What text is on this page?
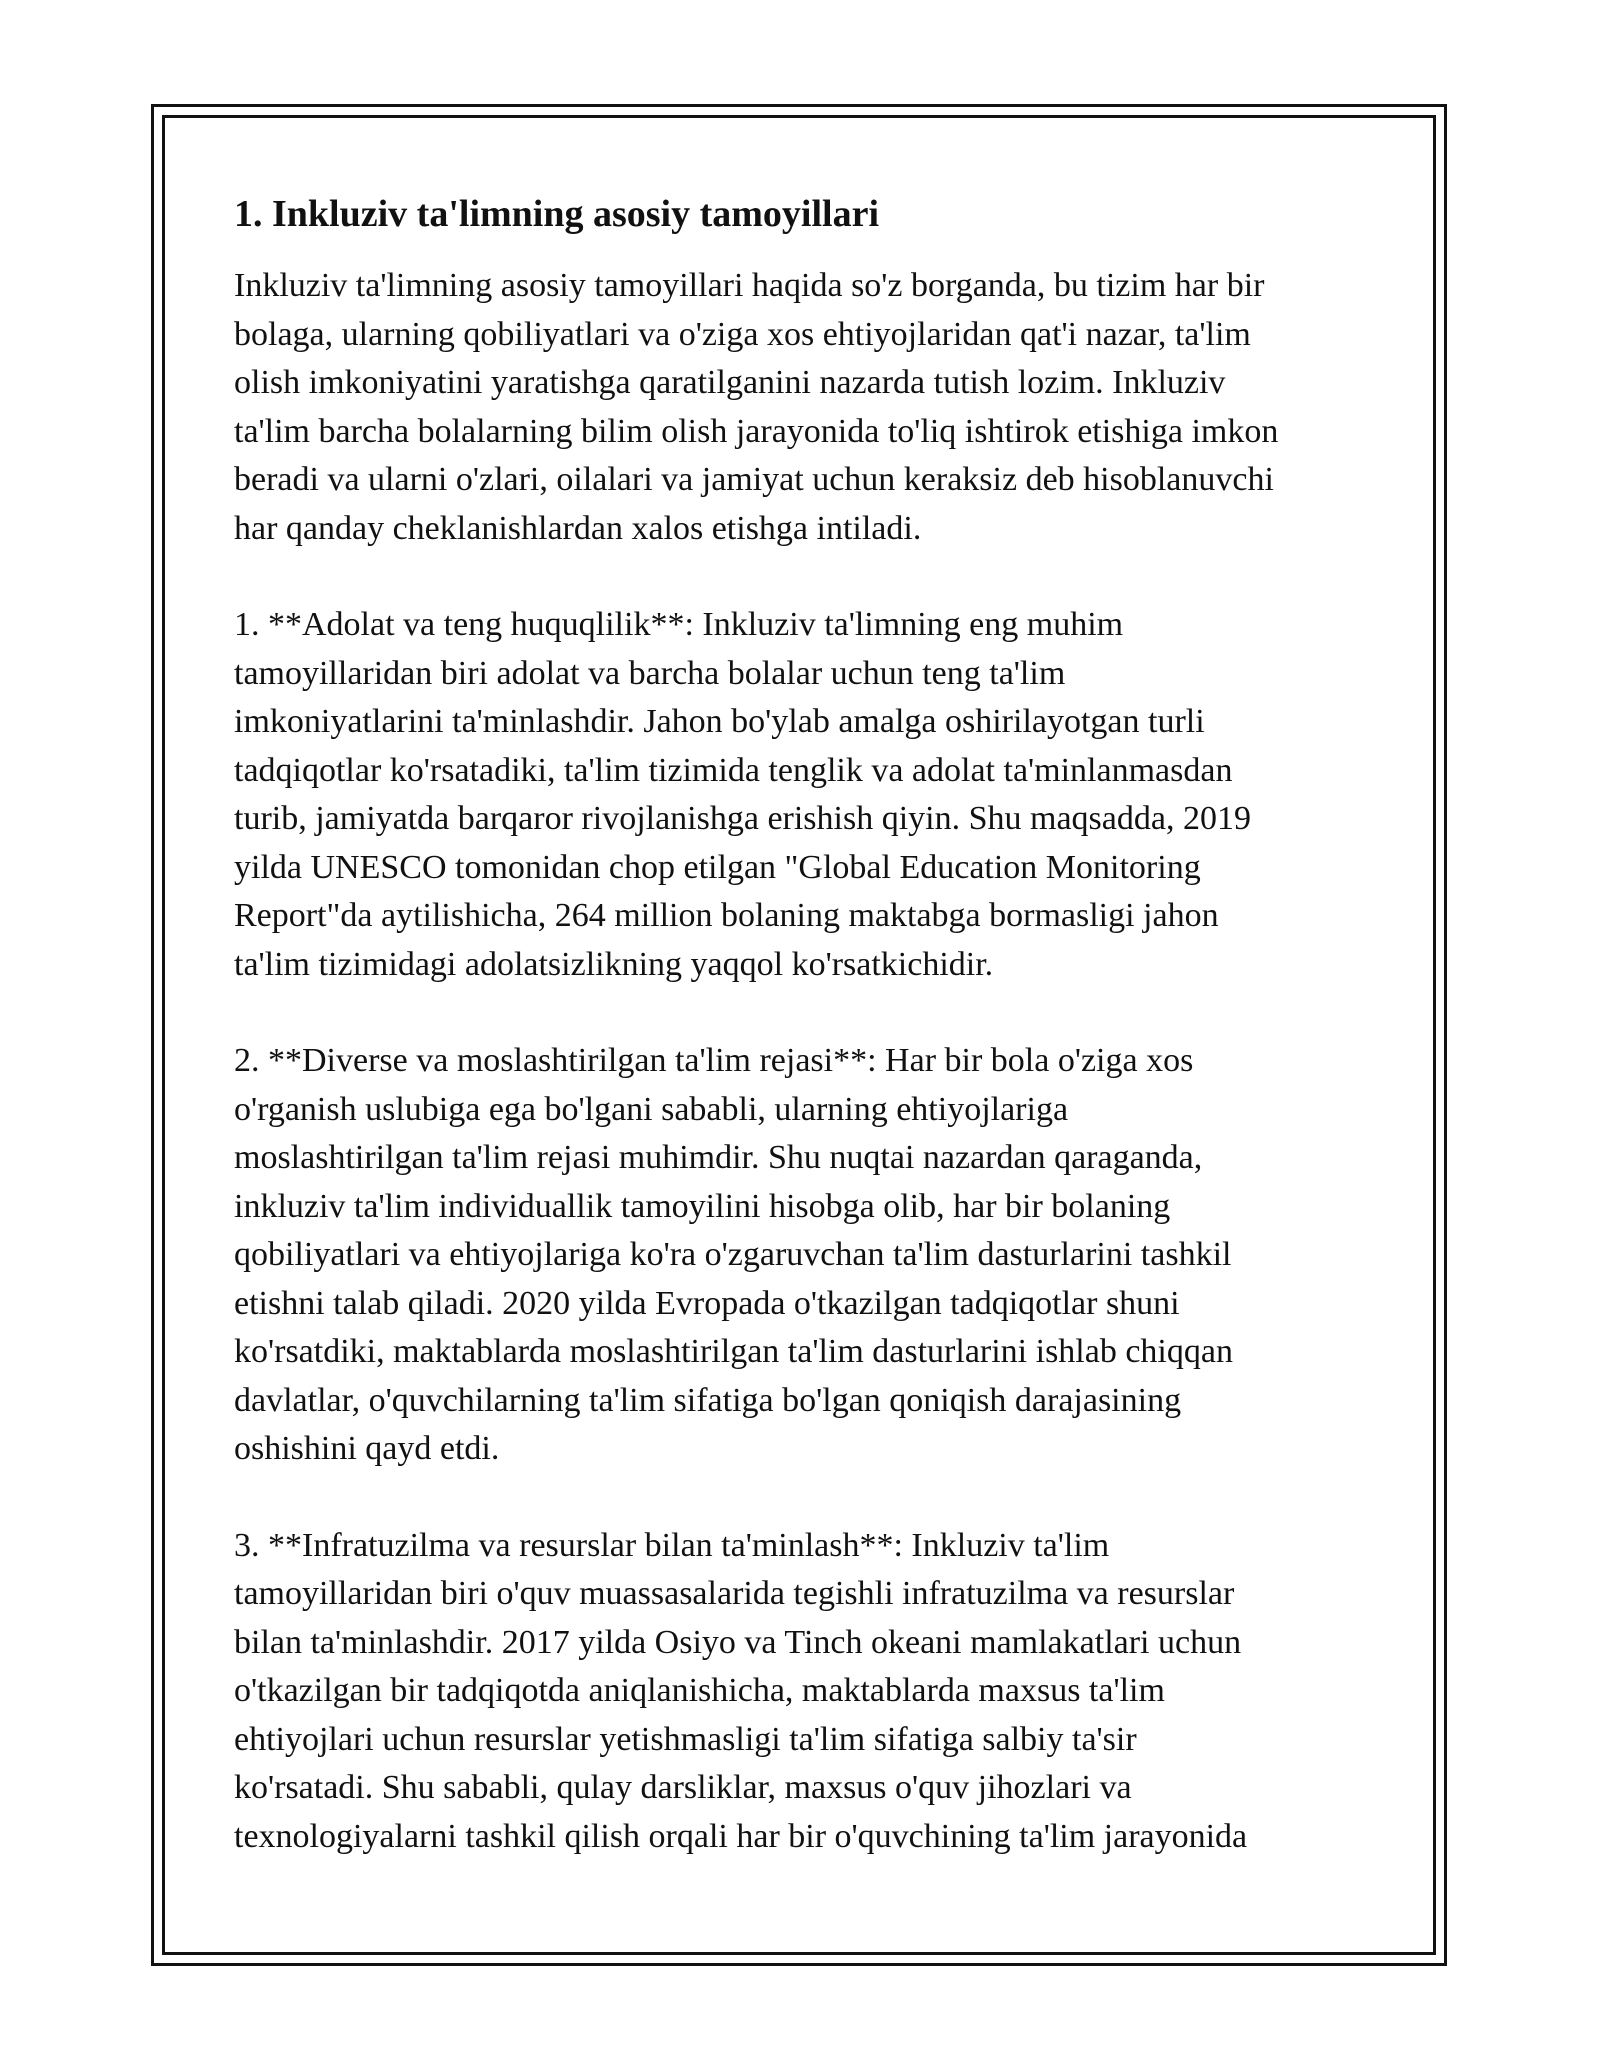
1. Inkluziv ta'limning asosiy tamoyillari

Inkluziv ta'limning asosiy tamoyillari haqida so'z borganda, bu tizim har bir
bolaga, ularning qobiliyatlari va o'ziga xos ehtiyojlaridan qat'i nazar, ta'lim
olish imkoniyatini yaratishga qaratilganini nazarda tutish lozim. Inkluziv
ta'lim barcha bolalarning bilim olish jarayonida to'liq ishtirok etishiga imkon
beradi va ularni o'zlari, oilalari va jamiyat uchun keraksiz deb hisoblanuvchi
har qanday cheklanishlardan xalos etishga intiladi.

1. **Adolat va teng huquqlilik**: Inkluziv ta'limning eng muhim
tamoyillaridan biri adolat va barcha bolalar uchun teng ta'lim
imkoniyatlarini ta'minlashdir. Jahon bo'ylab amalga oshirilayotgan turli
tadqiqotlar ko'rsatadiki, ta'lim tizimida tenglik va adolat ta'minlanmasdan
turib, jamiyatda barqaror rivojlanishga erishish qiyin. Shu maqsadda, 2019
yilda UNESCO tomonidan chop etilgan "Global Education Monitoring
Report"da aytilishicha, 264 million bolaning maktabga bormasligi jahon
ta'lim tizimidagi adolatsizlikning yaqqol ko'rsatkichidir.

2. **Diverse va moslashtirilgan ta'lim rejasi**: Har bir bola o'ziga xos
o'rganish uslubiga ega bo'lgani sababli, ularning ehtiyojlariga
moslashtirilgan ta'lim rejasi muhimdir. Shu nuqtai nazardan qaraganda,
inkluziv ta'lim individuallik tamoyilini hisobga olib, har bir bolaning
qobiliyatlari va ehtiyojlariga ko'ra o'zgaruvchan ta'lim dasturlarini tashkil
etishni talab qiladi. 2020 yilda Evropada o'tkazilgan tadqiqotlar shuni
ko'rsatdiki, maktablarda moslashtirilgan ta'lim dasturlarini ishlab chiqqan
davlatlar, o'quvchilarning ta'lim sifatiga bo'lgan qoniqish darajasining
oshishini qayd etdi.

3. **Infratuzilma va resurslar bilan ta'minlash**: Inkluziv ta'lim
tamoyillaridan biri o'quv muassasalarida tegishli infratuzilma va resurslar
bilan ta'minlashdir. 2017 yilda Osiyo va Tinch okeani mamlakatlari uchun
o'tkazilgan bir tadqiqotda aniqlanishicha, maktablarda maxsus ta'lim
ehtiyojlari uchun resurslar yetishmasligi ta'lim sifatiga salbiy ta'sir
ko'rsatadi. Shu sababli, qulay darsliklar, maxsus o'quv jihozlari va
texnologiyalarni tashkil qilish orqali har bir o'quvchining ta'lim jarayonida
